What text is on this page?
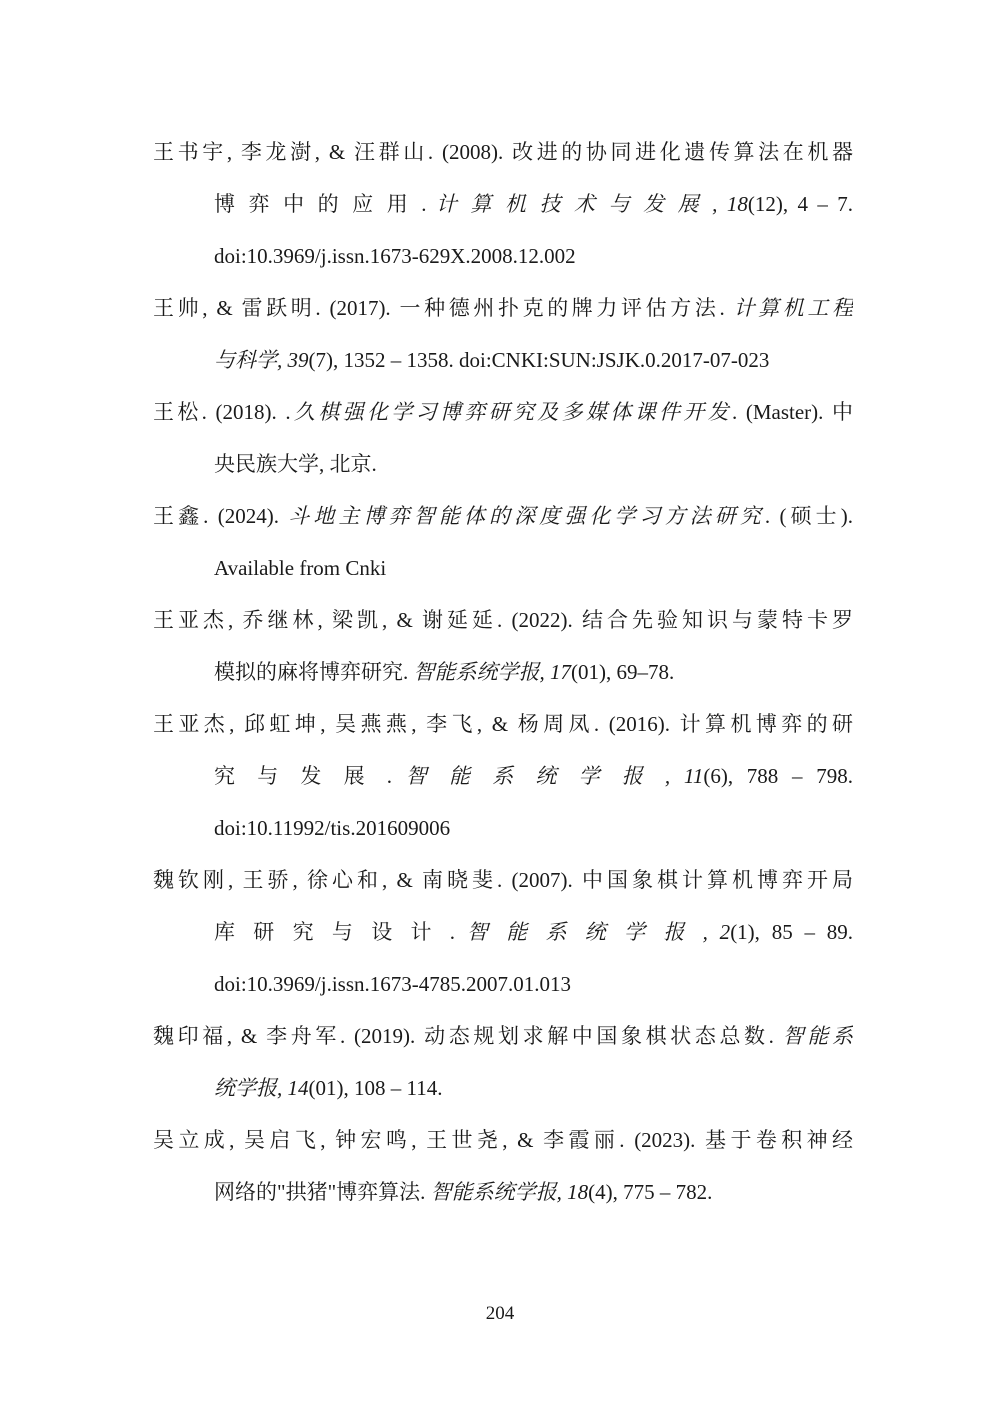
王书宇, 李龙澍, & 汪群山. (2008). 改进的协同进化遗传算法在机器
博 弈 中 的 应 用 . 计 算 机 技 术 与 发 展 , 18(12), 4 – 7.
doi:10.3969/j.issn.1673-629X.2008.12.002
王帅, & 雷跃明. (2017). 一种德州扑克的牌力评估方法. 计算机工程
与科学, 39(7), 1352 – 1358. doi:CNKI:SUN:JSJK.0.2017-07-023
王松. (2018). .久棋强化学习博弈研究及多媒体课件开发. (Master). 中
央民族大学, 北京.
王鑫. (2024). 斗地主博弈智能体的深度强化学习方法研究. (硕士).
Available from Cnki
王亚杰, 乔继林, 梁凯, & 谢延延. (2022). 结合先验知识与蒙特卡罗
模拟的麻将博弈研究. 智能系统学报, 17(01), 69–78.
王亚杰, 邱虹坤, 吴燕燕, 李飞, & 杨周凤. (2016). 计算机博弈的研
究 与 发 展 . 智 能 系 统 学 报 , 11(6), 788 – 798.
doi:10.11992/tis.201609006
魏钦刚, 王骄, 徐心和, & 南晓斐. (2007). 中国象棋计算机博弈开局
库 研 究 与 设 计 . 智 能 系 统 学 报 , 2(1), 85 – 89.
doi:10.3969/j.issn.1673-4785.2007.01.013
魏印福, & 李舟军. (2019). 动态规划求解中国象棋状态总数. 智能系
统学报, 14(01), 108 – 114.
吴立成, 吴启飞, 钟宏鸣, 王世尧, & 李霞丽. (2023). 基于卷积神经
网络的"拱猪"博弈算法. 智能系统学报, 18(4), 775 – 782.
204
